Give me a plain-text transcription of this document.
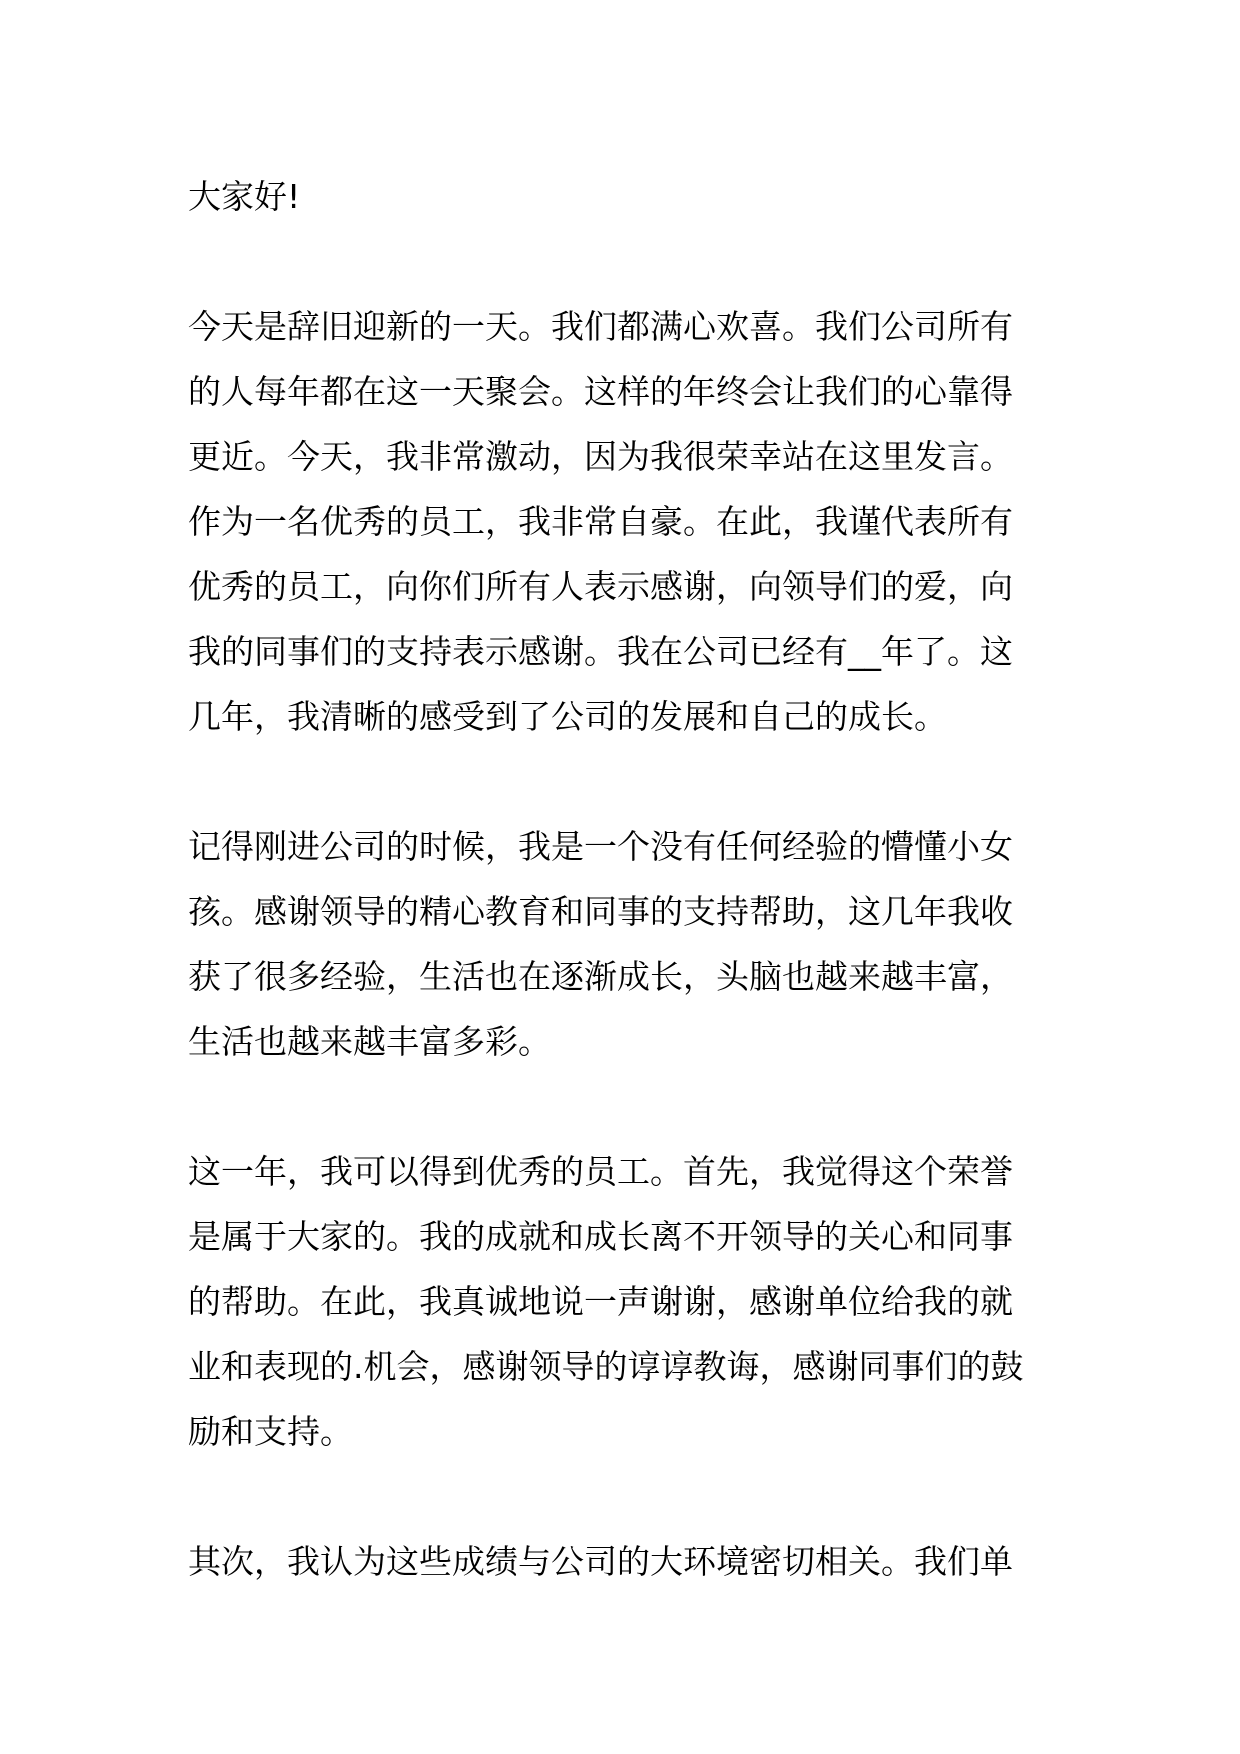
大家好!
今天是辞旧迎新的一天。我们都满心欢喜。我们公司所有
的人每年都在这一天聚会。这样的年终会让我们的心靠得
更近。今天，我非常激动，因为我很荣幸站在这里发言。
作为一名优秀的员工，我非常自豪。在此，我谨代表所有
优秀的员工，向你们所有人表示感谢，向领导们的爱，向
我的同事们的支持表示感谢。我在公司已经有__年了。这
几年，我清晰的感受到了公司的发展和自己的成长。
记得刚进公司的时候，我是一个没有任何经验的懵懂小女
孩。感谢领导的精心教育和同事的支持帮助，这几年我收
获了很多经验，生活也在逐渐成长，头脑也越来越丰富，
生活也越来越丰富多彩。
这一年，我可以得到优秀的员工。首先，我觉得这个荣誉
是属于大家的。我的成就和成长离不开领导的关心和同事
的帮助。在此，我真诚地说一声谢谢，感谢单位给我的就
业和表现的.机会，感谢领导的谆谆教诲，感谢同事们的鼓
励和支持。
其次，我认为这些成绩与公司的大环境密切相关。我们单
